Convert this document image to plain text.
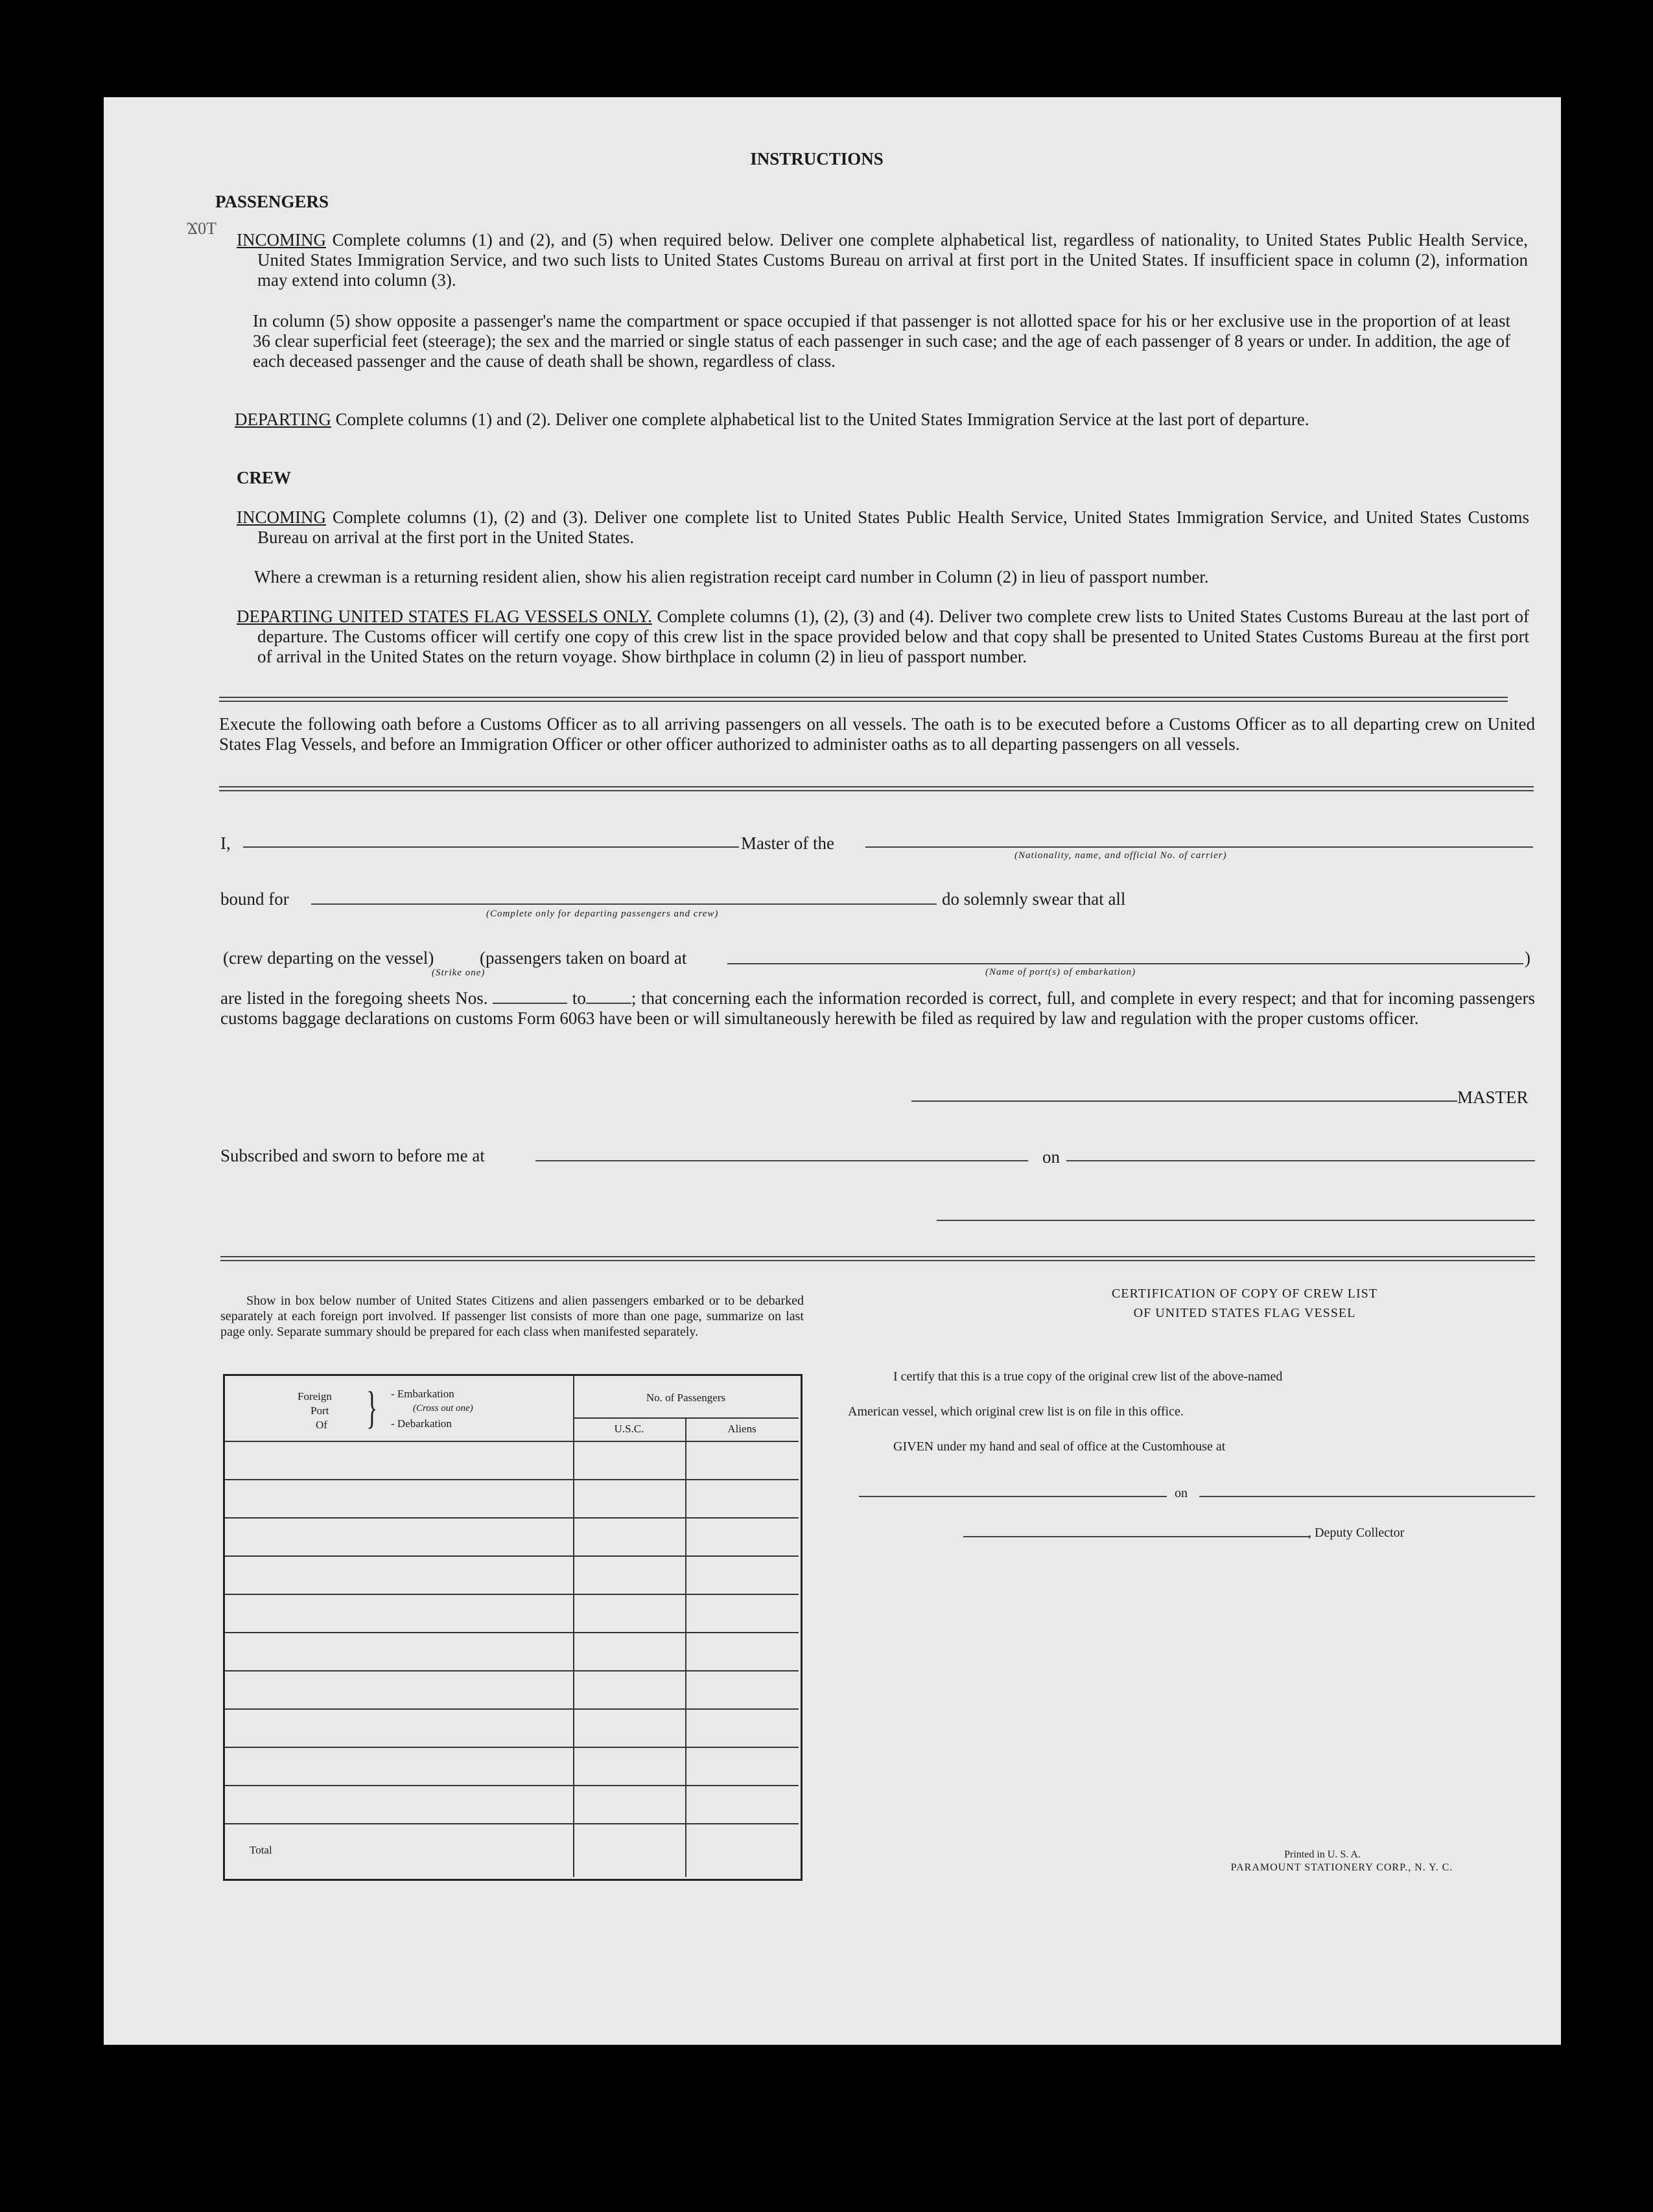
Ϫ0T
INSTRUCTIONS
PASSENGERS
INCOMING Complete columns (1) and (2), and (5) when required below. Deliver one complete alphabetical list, regardless of nationality, to United States Public Health Service, United States Immigration Service, and two such lists to United States Customs Bureau on arrival at first port in the United States. If insufficient space in column (2), information may extend into column (3).
In column (5) show opposite a passenger's name the compartment or space occupied if that passenger is not allotted space for his or her exclusive use in the proportion of at least 36 clear superficial feet (steerage); the sex and the married or single status of each passenger in such case; and the age of each passenger of 8 years or under. In addition, the age of each deceased passenger and the cause of death shall be shown, regardless of class.
DEPARTING Complete columns (1) and (2). Deliver one complete alphabetical list to the United States Immigration Service at the last port of departure.
CREW
INCOMING Complete columns (1), (2) and (3). Deliver one complete list to United States Public Health Service, United States Immigration Service, and United States Customs Bureau on arrival at the first port in the United States.
Where a crewman is a returning resident alien, show his alien registration receipt card number in Column (2) in lieu of passport number.
DEPARTING UNITED STATES FLAG VESSELS ONLY. Complete columns (1), (2), (3) and (4). Deliver two complete crew lists to United States Customs Bureau at the last port of departure. The Customs officer will certify one copy of this crew list in the space provided below and that copy shall be presented to United States Customs Bureau at the first port of arrival in the United States on the return voyage. Show birthplace in column (2) in lieu of passport number.
Execute the following oath before a Customs Officer as to all arriving passengers on all vessels. The oath is to be executed before a Customs Officer as to all departing crew on United States Flag Vessels, and before an Immigration Officer or other officer authorized to administer oaths as to all departing passengers on all vessels.
I,	Master of the
(Nationality, name, and official No. of carrier)
bound for
(Complete only for departing passengers and crew)
do solemnly swear that all
(crew departing on the vessel)
(Strike one)
(passengers taken on board at
(Name of port(s) of embarkation)
)
are listed in the foregoing sheets Nos.	to	; that concerning each the information recorded is correct, full, and complete in every respect; and that for incoming passengers customs baggage declarations on customs Form 6063 have been or will simultaneously herewith be filed as required by law and regulation with the proper customs officer.
MASTER
Subscribed and sworn to before me at	on
Show in box below number of United States Citizens and alien passengers embarked or to be debarked separately at each foreign port involved. If passenger list consists of more than one page, summarize on last page only. Separate summary should be prepared for each class when manifested separately.
Foreign
Port
Of } - Embarkation
(Cross out one)
- Debarkation
No. of Passengers
U.S.C.	Aliens
Total
CERTIFICATION OF COPY OF CREW LIST
OF UNITED STATES FLAG VESSEL
I certify that this is a true copy of the original crew list of the above-named
American vessel, which original crew list is on file in this office.
GIVEN under my hand and seal of office at the Customhouse at
on
, Deputy Collector
Printed in U. S. A.
PARAMOUNT STATIONERY CORP., N. Y. C.
